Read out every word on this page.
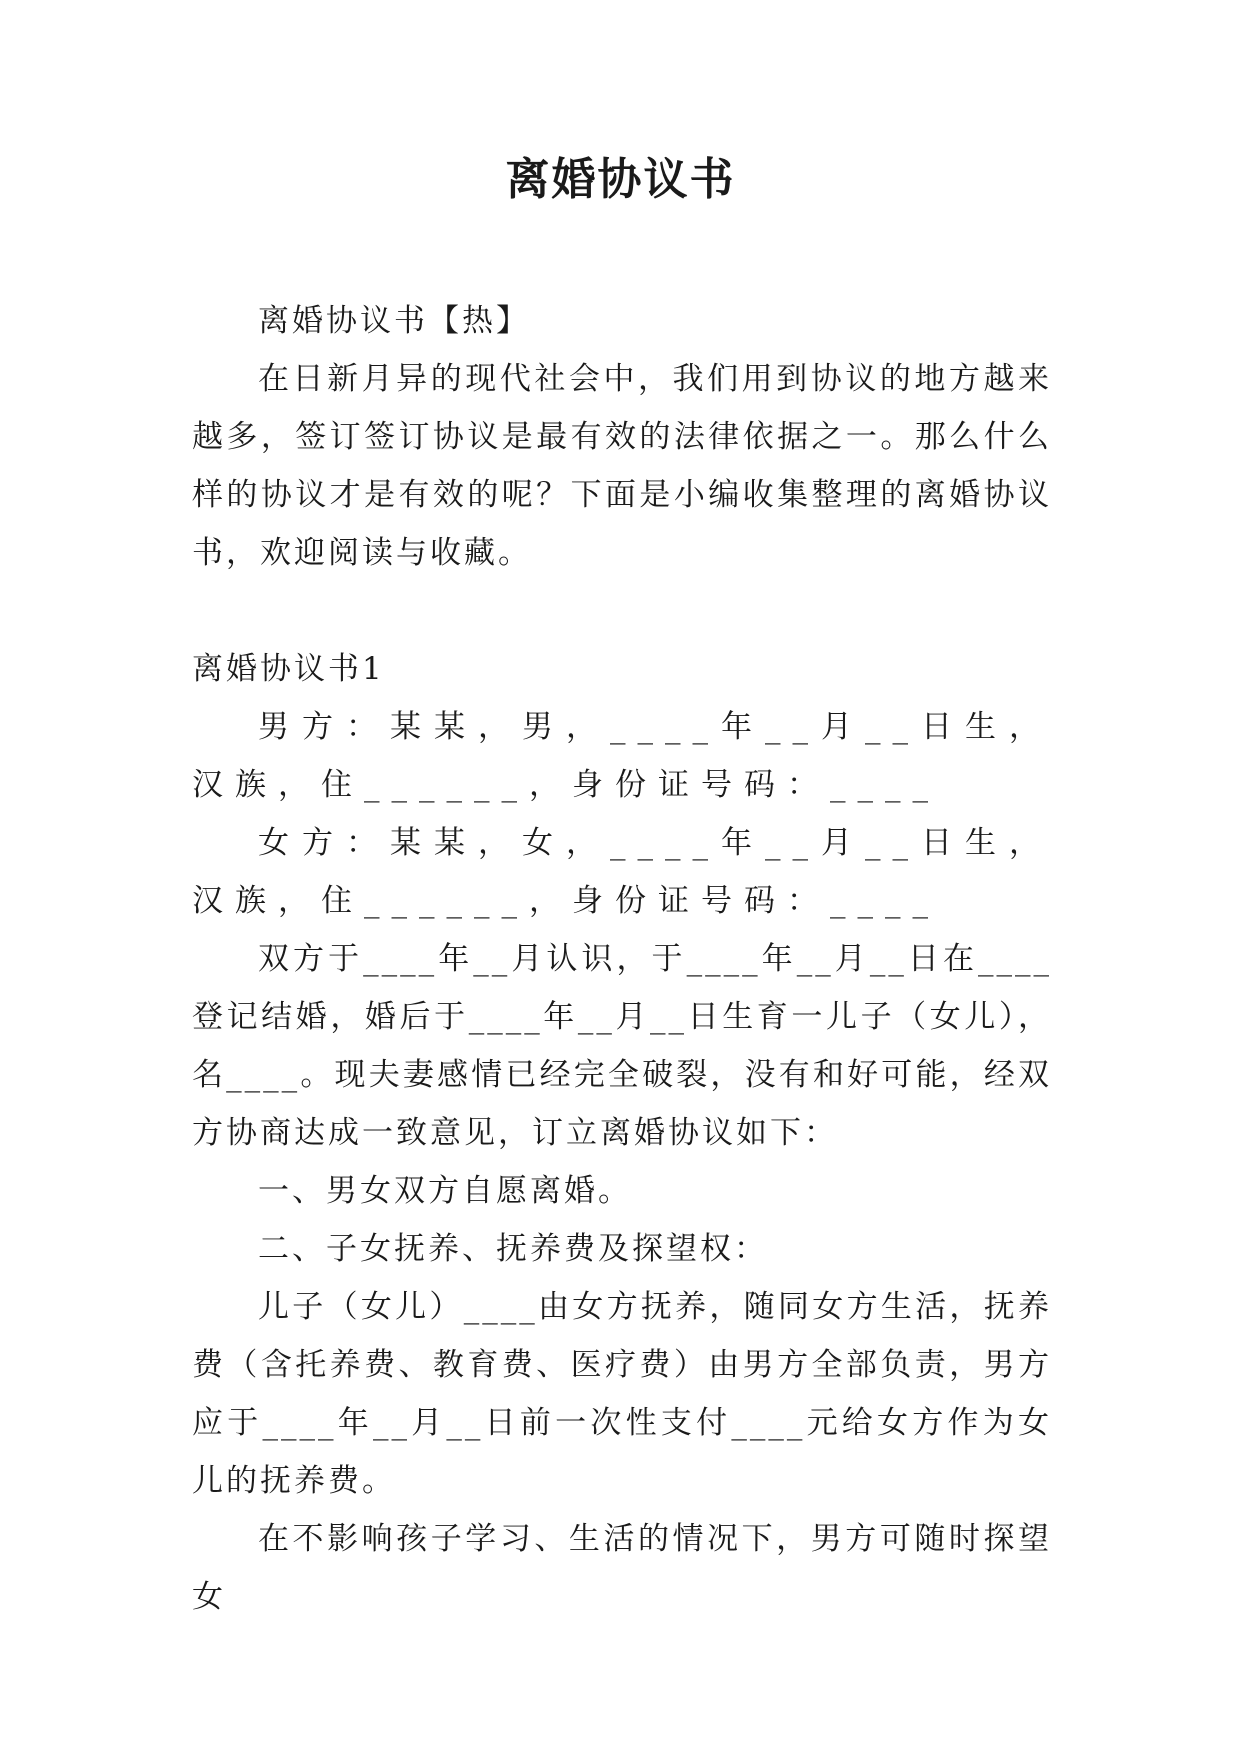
离婚协议书

离婚协议书【热】

在日新月异的现代社会中，我们用到协议的地方越来越多，签订签订协议是最有效的法律依据之一。那么什么样的协议才是有效的呢？下面是小编收集整理的离婚协议书，欢迎阅读与收藏。

离婚协议书1

男方：某某，男，____年__月__日生，汉族，住______，身份证号码：____

女方：某某，女，____年__月__日生，汉族，住______，身份证号码：____

双方于____年__月认识，于____年__月__日在____登记结婚，婚后于____年__月__日生育一儿子（女儿），名____。现夫妻感情已经完全破裂，没有和好可能，经双方协商达成一致意见，订立离婚协议如下：

一、男女双方自愿离婚。

二、子女抚养、抚养费及探望权：

儿子（女儿）____由女方抚养，随同女方生活，抚养费（含托养费、教育费、医疗费）由男方全部负责，男方应于____年__月__日前一次性支付____元给女方作为女儿的抚养费。

在不影响孩子学习、生活的情况下，男方可随时探望女
